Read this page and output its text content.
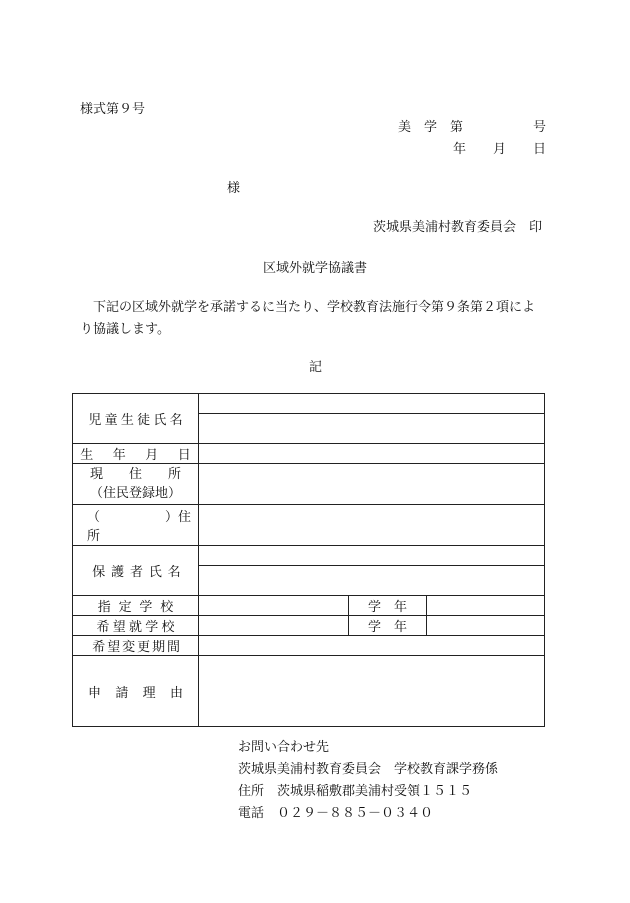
様式第９号
美　学　第	号
年 月 日
様
茨城県美浦村教育委員会　印
区域外就学協議書
下記の区域外就学を承諾するに当たり、学校教育法施行令第９条第２項によ
り協議します。
記
児童生徒氏名			

生　年　月　日			

現　　住　　所
（住民登録地）			

（　　　　　）住所			
保護者氏名			

指定学校		学　年	
希望就学校		学　年	
希望変更期間			
申請理由			
お問い合わせ先
茨城県美浦村教育委員会　学校教育課学務係
住所　茨城県稲敷郡美浦村受領１５１５
電話　０２９－８８５－０３４０
